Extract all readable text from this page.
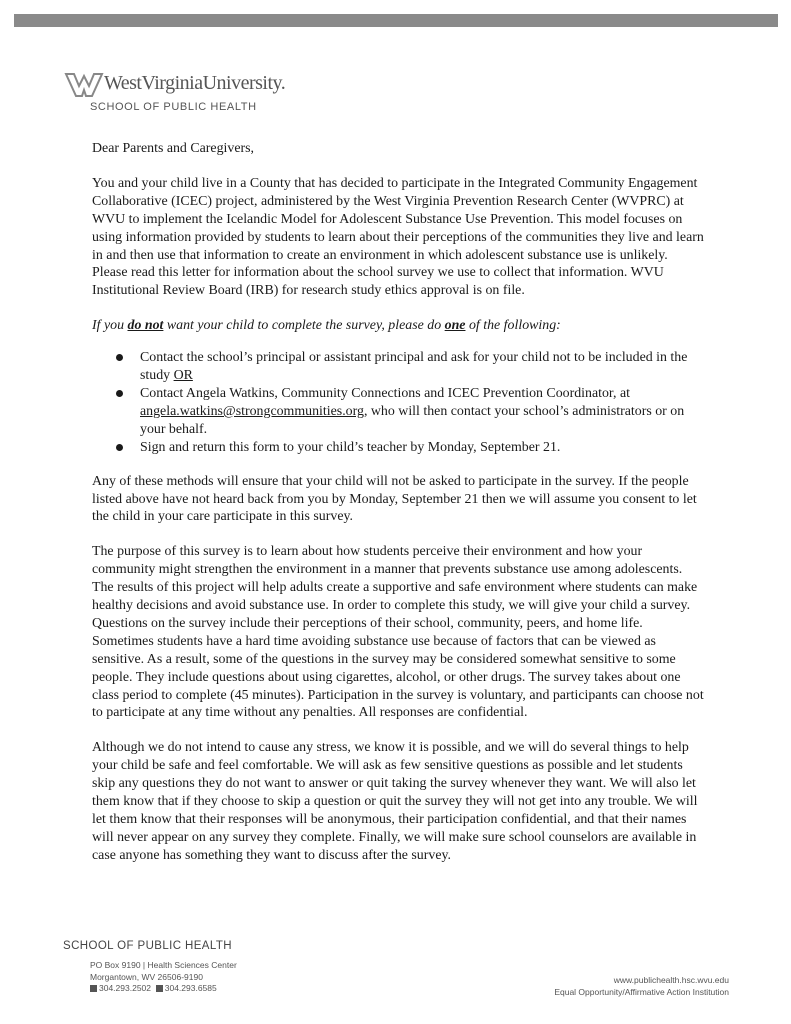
WestVirginiaUniversity.
SCHOOL OF PUBLIC HEALTH

Dear Parents and Caregivers,

You and your child live in a County that has decided to participate in the Integrated Community Engagement Collaborative (ICEC) project, administered by the West Virginia Prevention Research Center (WVPRC) at WVU to implement the Icelandic Model for Adolescent Substance Use Prevention. This model focuses on using information provided by students to learn about their perceptions of the communities they live and learn in and then use that information to create an environment in which adolescent substance use is unlikely. Please read this letter for information about the school survey we use to collect that information. WVU Institutional Review Board (IRB) for research study ethics approval is on file.

If you do not want your child to complete the survey, please do one of the following:

Contact the school’s principal or assistant principal and ask for your child not to be included in the study OR
Contact Angela Watkins, Community Connections and ICEC Prevention Coordinator, at angela.watkins@strongcommunities.org, who will then contact your school’s administrators or on your behalf.
Sign and return this form to your child’s teacher by Monday, September 21.

Any of these methods will ensure that your child will not be asked to participate in the survey. If the people listed above have not heard back from you by Monday, September 21 then we will assume you consent to let the child in your care participate in this survey.

The purpose of this survey is to learn about how students perceive their environment and how your community might strengthen the environment in a manner that prevents substance use among adolescents. The results of this project will help adults create a supportive and safe environment where students can make healthy decisions and avoid substance use. In order to complete this study, we will give your child a survey. Questions on the survey include their perceptions of their school, community, peers, and home life. Sometimes students have a hard time avoiding substance use because of factors that can be viewed as sensitive. As a result, some of the questions in the survey may be considered somewhat sensitive to some people. They include questions about using cigarettes, alcohol, or other drugs. The survey takes about one class period to complete (45 minutes). Participation in the survey is voluntary, and participants can choose not to participate at any time without any penalties. All responses are confidential.

Although we do not intend to cause any stress, we know it is possible, and we will do several things to help your child be safe and feel comfortable. We will ask as few sensitive questions as possible and let students skip any questions they do not want to answer or quit taking the survey whenever they want. We will also let them know that if they choose to skip a question or quit the survey they will not get into any trouble. We will let them know that their responses will be anonymous, their participation confidential, and that their names will never appear on any survey they complete. Finally, we will make sure school counselors are available in case anyone has something they want to discuss after the survey.

SCHOOL OF PUBLIC HEALTH
PO Box 9190 | Health Sciences Center
Morgantown, WV 26506-9190
304.293.2502 304.293.6585
www.publichealth.hsc.wvu.edu
Equal Opportunity/Affirmative Action Institution
